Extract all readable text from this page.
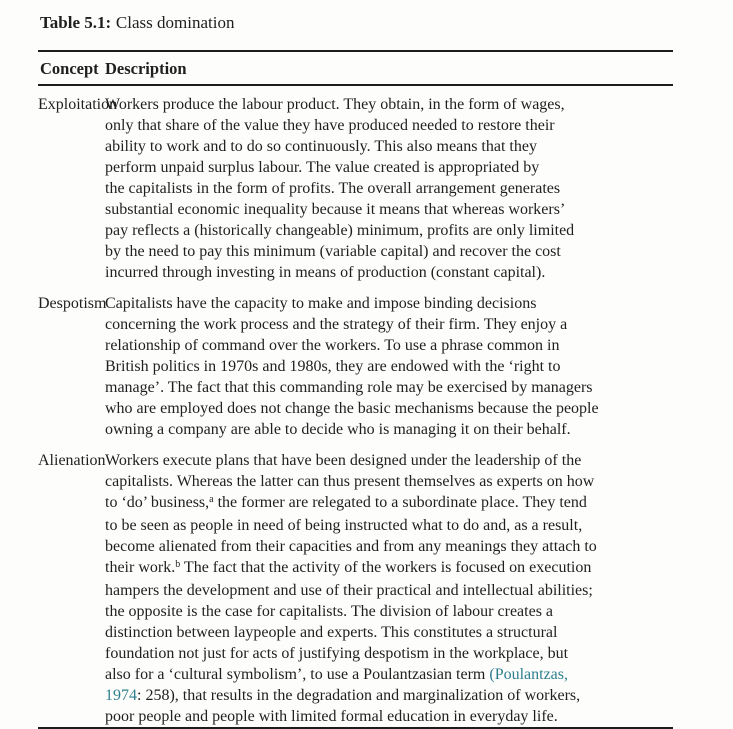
Table 5.1: Class domination
Concept Description
Exploitation
Workers produce the labour product. They obtain, in the form of wages,
only that share of the value they have produced needed to restore their
ability to work and to do so continuously. This also means that they
perform unpaid surplus labour. The value created is appropriated by
the capitalists in the form of profits. The overall arrangement generates
substantial economic inequality because it means that whereas workers’
pay reflects a (historically changeable) minimum, profits are only limited
by the need to pay this minimum (variable capital) and recover the cost
incurred through investing in means of production (constant capital).
Despotism
Capitalists have the capacity to make and impose binding decisions
concerning the work process and the strategy of their firm. They enjoy a
relationship of command over the workers. To use a phrase common in
British politics in 1970s and 1980s, they are endowed with the ‘right to
manage’. The fact that this commanding role may be exercised by managers
who are employed does not change the basic mechanisms because the people
owning a company are able to decide who is managing it on their behalf.
Alienation Workers execute plans that have been designed under the leadership of the
capitalists. Whereas the latter can thus present themselves as experts on how
to ‘do’ business,$^a$ the former are relegated to a subordinate place. They tend
to be seen as people in need of being instructed what to do and, as a result,
become alienated from their capacities and from any meanings they attach to
their work.$^b$ The fact that the activity of the workers is focused on execution
hampers the development and use of their practical and intellectual abilities;
the opposite is the case for capitalists. The division of labour creates a
distinction between laypeople and experts. This constitutes a structural
foundation not just for acts of justifying despotism in the workplace, but
also for a ‘cultural symbolism’, to use a Poulantzasian term (Poulantzas,
1974: 258), that results in the degradation and marginalization of workers,
poor people and people with limited formal education in everyday life.
